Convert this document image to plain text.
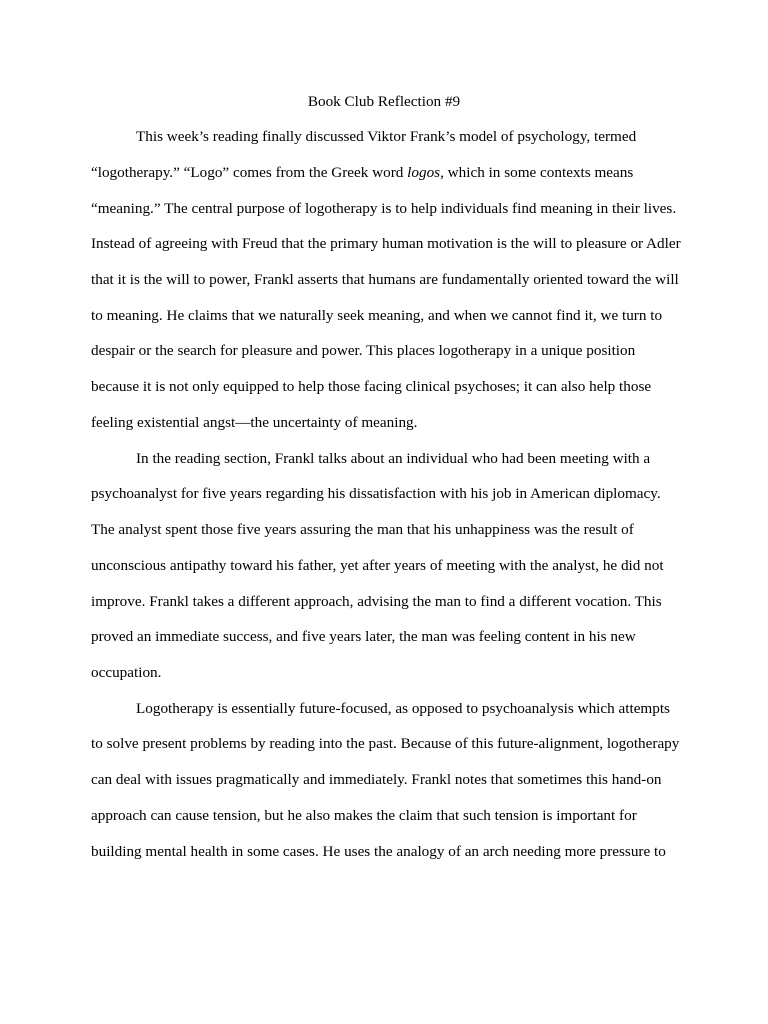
Book Club Reflection #9

This week’s reading finally discussed Viktor Frank’s model of psychology, termed

“logotherapy.” “Logo” comes from the Greek word logos, which in some contexts means

“meaning.” The central purpose of logotherapy is to help individuals find meaning in their lives.

Instead of agreeing with Freud that the primary human motivation is the will to pleasure or Adler

that it is the will to power, Frankl asserts that humans are fundamentally oriented toward the will

to meaning. He claims that we naturally seek meaning, and when we cannot find it, we turn to

despair or the search for pleasure and power. This places logotherapy in a unique position

because it is not only equipped to help those facing clinical psychoses; it can also help those

feeling existential angst—the uncertainty of meaning.

In the reading section, Frankl talks about an individual who had been meeting with a

psychoanalyst for five years regarding his dissatisfaction with his job in American diplomacy.

The analyst spent those five years assuring the man that his unhappiness was the result of

unconscious antipathy toward his father, yet after years of meeting with the analyst, he did not

improve. Frankl takes a different approach, advising the man to find a different vocation. This

proved an immediate success, and five years later, the man was feeling content in his new

occupation.

Logotherapy is essentially future-focused, as opposed to psychoanalysis which attempts

to solve present problems by reading into the past. Because of this future-alignment, logotherapy

can deal with issues pragmatically and immediately. Frankl notes that sometimes this hand-on

approach can cause tension, but he also makes the claim that such tension is important for

building mental health in some cases. He uses the analogy of an arch needing more pressure to
